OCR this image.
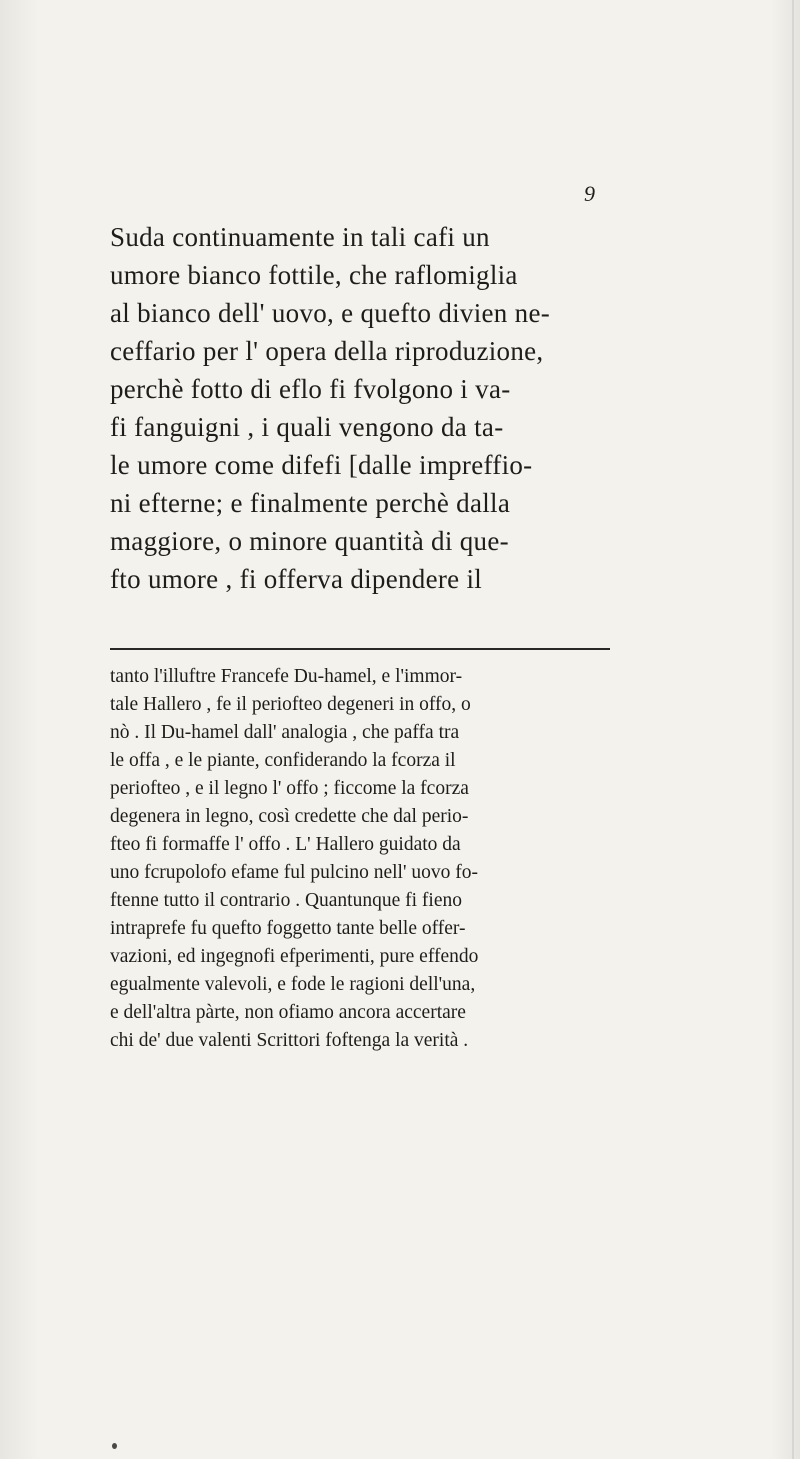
9

Suda continuamente in tali cafi un
umore bianco fottile, che raflomiglia
al bianco dell' uovo, e quefto divien ne-
ceffario per l' opera della riproduzione,
perchè fotto di eflo fi fvolgono i va-
fi fanguigni , i quali vengono da ta-
le umore come difefi [dalle impreffio-
ni efterne; e finalmente perchè dalla
maggiore, o minore quantità di que-
fto umore , fi offerva dipendere il

tanto l'illuftre Francefe Du-hamel, e l'immor-
tale Hallero , fe il periofteo degeneri in offo, o
nò . Il Du-hamel dall' analogia , che paffa tra
le offa , e le piante, confiderando la fcorza il
periofteo , e il legno l' offo ; ficcome la fcorza
degenera in legno, così credette che dal perio-
fteo fi formaffe l' offo . L' Hallero guidato da
uno fcrupolofo efame ful pulcino nell' uovo fo-
ftenne tutto il contrario . Quantunque fi fieno
intraprefe fu quefto foggetto tante belle offer-
vazioni, ed ingegnofi efperimenti, pure effendo
egualmente valevoli, e fode le ragioni dell'una,
e dell'altra pàrte, non ofiamo ancora accertare
chi de' due valenti Scrittori foftenga la verità .
